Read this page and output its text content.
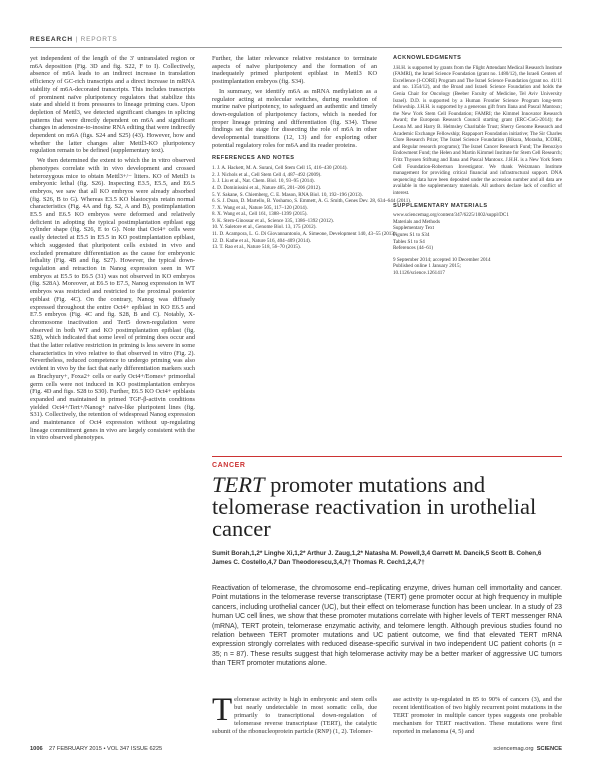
RESEARCH | REPORTS

yet independent of the length of the 3′ untranslated region or m6A deposition (Fig. 3D and fig. S22, F to I). Collectively, absence of m6A leads to an indirect increase in translation efficiency of GC-rich transcripts and a direct increase in mRNA stability of m6A-decorated transcripts. This includes transcripts of prominent naïve pluripotency regulators that stabilize this state and shield it from pressures to lineage priming cues. Upon depletion of Mettl3, we detected significant changes in splicing patterns that were directly dependent on m6A and significant changes in adenosine-to-inosine RNA editing that were indirectly dependent on m6A (figs. S24 and S25) (43). However, how and whether the latter changes alter Mettl3-KO pluripotency regulation remain to be defined (supplementary text).

We then determined the extent to which the in vitro observed phenotypes correlate with in vivo development and crossed heterozygous mice to obtain Mettl3+/− litters. KO of Mettl3 is embryonic lethal (fig. S26). Inspecting E3.5, E5.5, and E6.5 embryos, we saw that all KO embryos were already absorbed (fig. S26, B to G). Whereas E3.5 KO blastocysts retain normal characteristics (Fig. 4A and fig. S2, A and B), postimplantation E5.5 and E6.5 KO embryos were deformed and relatively deficient in adopting the typical postimplantation epiblast egg cylinder shape (fig. S26, E to G). Note that Oct4+ cells were easily detected at E5.5 in E5.5 in KO postimplantation epiblast, which suggested that pluripotent cells existed in vivo and excluded premature differentiation as the cause for embryonic lethality (Fig. 4B and fig. S27). However, the typical down-regulation and retraction in Nanog expression seen in WT embryos at E5.5 to E6.5 (31) was not observed in KO embryos (fig. S28A). Moreover, at E6.5 to E7.5, Nanog expression in WT embryos was restricted and restricted to the proximal posterior epiblast (Fig. 4C). On the contrary, Nanog was diffusely expressed throughout the entire Oct4+ epiblast in KO E6.5 and E7.5 embryos (Fig. 4C and fig. S28, B and C). Notably, X-chromosome inactivation and Tert5 down-regulation were observed in both WT and KO postimplantation epiblast (fig. S28), which indicated that some level of priming does occur and that the latter relative restriction in priming is less severe in some characteristics in vivo relative to that observed in vitro (Fig. 2). Nevertheless, reduced competence to undergo priming was also evident in vivo by the fact that early differentiation markers such as Brachyury+, Foxa2+ cells or early Oct4+/Eomes+ primordial germ cells were not induced in KO postimplantation embryos (Fig. 4D and figs. S28 to S30). Further, E6.5 KO Oct4+ epiblasts expanded and maintained in primed TGF-β-activin conditions yielded Oct4+/Tert+/Nanog+ naïve-like pluripotent lines (fig. S31). Collectively, the retention of widespread Nanog expression and maintenance of Oct4 expression without up-regulating lineage commitment genes in vivo are largely consistent with the in vitro observed phenotypes.

Further, the latter relevance relative resistance to terminate aspects of naïve pluripotency and the formation of an inadequately primed pluripotent epiblast in Mettl3 KO postimplantation embryos (fig. S34).

In summary, we identify m6A as mRNA methylation as a regulator acting at molecular switches, during resolution of murine naïve pluripotency, to safeguard an authentic and timely down-regulation of pluripotency factors, which is needed for proper lineage priming and differentiation (fig. S34). These findings set the stage for dissecting the role of m6A in other developmental transitions (12, 13) and for exploring other potential regulatory roles for m6A and its reader proteins.

REFERENCES AND NOTES
1. J. A. Hackett, M. A. Surani, Cell Stem Cell 15, 416–430 (2014).
2. J. Nichols et al., Cell Stem Cell 4, 487–492 (2009).
3. J. Liu et al., Nat. Chem. Biol. 10, 93–95 (2014).
4. D. Dominissini et al., Nature 485, 201–206 (2012).
5. Y. Sakane, S. Chiemberg, C. E. Mason, RNA Biol. 10, 192–196 (2013).
6. S. J. Duan, D. Martello, B. Yoshamo, S. Emmett, A. G. Smith, Genes Dev. 28, 634–644 (2011).
7. X. Wang et al., Nature 505, 117–120 (2014).
8. X. Wang et al., Cell 161, 1388–1399 (2015).
9. K. Stern-Ginossar et al., Science 335, 1386–1392 (2012).
10. Y. Saletore et al., Genome Biol. 13, 175 (2012).
11. D. Acampora, L. G. Di Giovannantonio, A. Simeone, Development 140, 43–55 (2013).
12. D. Kathe et al., Nature 516, 404–409 (2014).
13. T. Rao et al., Nature 518, 56–70 (2015).
ACKNOWLEDGMENTS
J.H.H. is supported by grants from the Flight Attendant Medical Research Institute (FAMRI), the Israel Science Foundation (grant no. 1480/12), the Israeli Centers of Excellence (I-CORE) Program and The Israel Science Foundation (grant no. 41/11 and no. 1354/12), and the Broad and Israeli Science Foundation and holds the Genia Chair for Oncology (Beeber Faculty of Medicine, Tel Aviv University Israel). D.D. is supported by a Human Frontier Science Program long-term fellowship. J.H.H. is supported by a generous gift from Ilana and Pascal Mantoux; the New York Stem Cell Foundation; FAMRI; the Kimmel Innovator Research Award; the European Research Council starting grant (ERC-CoG-2014); the Leona M. and Harry B. Helmsley Charitable Trust; Sherry Genome Research and Academic Exchange Fellowship; Rappaport Foundation initiative; The Sir Charles Clore Research Prize; The Israel Science Foundation (Bikura, Morasha, ICORE, and Regular research programs); The Israel Cancer Research Fund; The Benoziyo Endowment Fund; the Helen and Martin Kimmel Institute for Stem Cell Research; Fritz Thyssen Stiftung and Ilana and Pascal Mantoux. J.H.H. is a New York Stem Cell Foundation-Robertson Investigator. We thank Weizmann Institute management for providing critical financial and infrastructural support. DNA sequencing data have been deposited under the accession number and all data are available in the supplementary materials. All authors declare lack of conflict of interest.
SUPPLEMENTARY MATERIALS
www.sciencemag.org/content/347/6225/1002/suppl/DC1
Materials and Methods
Supplementary Text
Figures S1 to S34
Tables S1 to S4
References (44–61)
9 September 2014; accepted 10 December 2014
Published online 1 January 2015;
10.1126/science.1261417
CANCER
TERT promoter mutations and telomerase reactivation in urothelial cancer
Sumit Borah,1,2* Linghe Xi,1,2* Arthur J. Zaug,1,2* Natasha M. Powell,3,4 Garrett M. Dancik,5 Scott B. Cohen,6 James C. Costello,4,7 Dan Theodorescu,3,4,7† Thomas R. Cech1,2,4,7†
Reactivation of telomerase, the chromosome end–replicating enzyme, drives human cell immortality and cancer. Point mutations in the telomerase reverse transcriptase (TERT) gene promoter occur at high frequency in multiple cancers, including urothelial cancer (UC), but their effect on telomerase function has been unclear. In a study of 23 human UC cell lines, we show that these promoter mutations correlate with higher levels of TERT messenger RNA (mRNA), TERT protein, telomerase enzymatic activity, and telomere length. Although previous studies found no relation between TERT promoter mutations and UC patient outcome, we find that elevated TERT mRNA expression strongly correlates with reduced disease-specific survival in two independent UC patient cohorts (n = 35; n = 87). These results suggest that high telomerase activity may be a better marker of aggressive UC tumors than TERT promoter mutations alone.
Telomerase activity is high in embryonic and stem cells but nearly undetectable in most somatic cells, due primarily to transcriptional down-regulation of telomerase reverse transcriptase (TERT), the catalytic subunit of the ribonucleoprotein particle (RNP) (1, 2). Telomer-
ase activity is up-regulated in 85 to 90% of cancers (3), and the recent identification of two highly recurrent point mutations in the TERT promoter in multiple cancer types suggests one probable mechanism for TERT reactivation. These mutations were first reported in melanoma (4, 5) and
1006 27 FEBRUARY 2015 • VOL 347 ISSUE 6225	sciencemag.org SCIENCE
